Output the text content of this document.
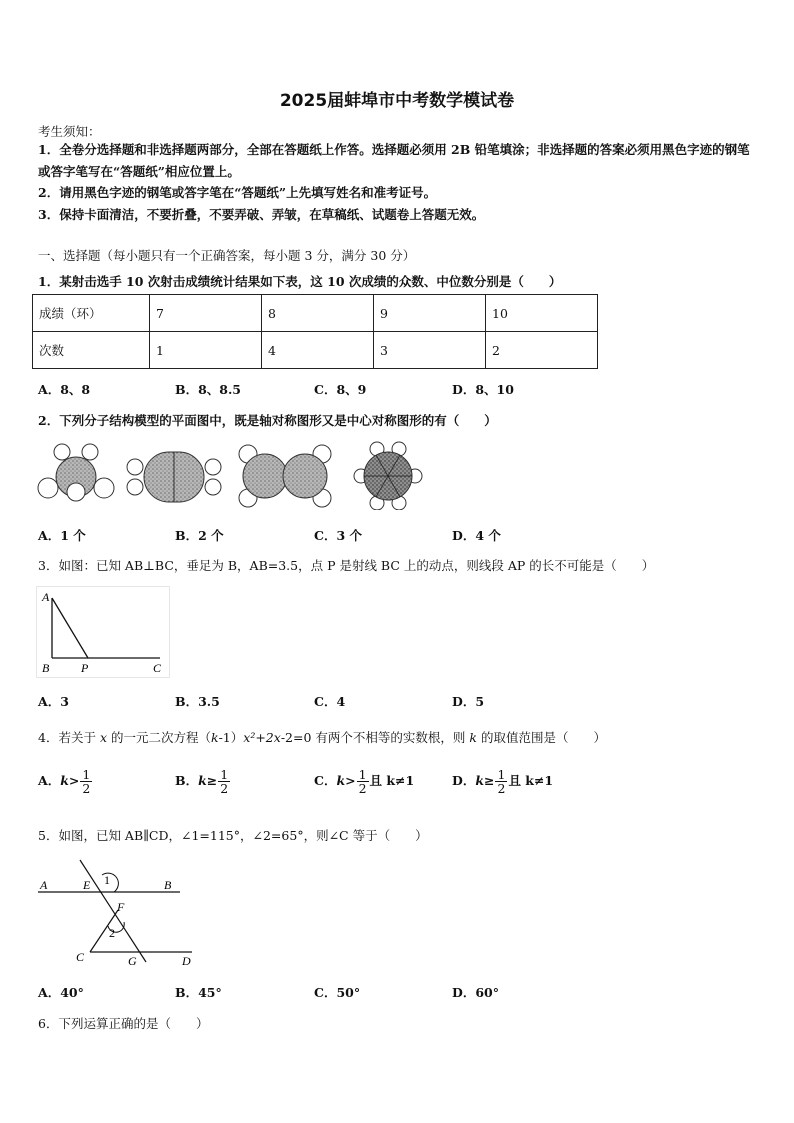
2025届蚌埠市中考数学模试卷
考生须知：
1．全卷分选择题和非选择题两部分，全部在答题纸上作答。选择题必须用 2B 铅笔填涂；非选择题的答案必须用黑色字迹的钢笔或答字笔写在“答题纸”相应位置上。
2．请用黑色字迹的钢笔或答字笔在“答题纸”上先填写姓名和准考证号。
3．保持卡面清洁，不要折叠，不要弄破、弄皱，在草稿纸、试题卷上答题无效。
一、选择题（每小题只有一个正确答案，每小题 3 分，满分 30 分）
1．某射击选手 10 次射击成绩统计结果如下表，这 10 次成绩的众数、中位数分别是（　　）
成绩（环）	7	8	9	10
次数	1	4	3	2
A．8、8	B．8、8.5	C．8、9	D．8、10
2．下列分子结构模型的平面图中，既是轴对称图形又是中心对称图形的有（　　）
A．1 个	B．2 个	C．3 个	D．4 个
3．如图：已知 AB⊥BC，垂足为 B，AB=3.5，点 P 是射线 BC 上的动点，则线段 AP 的长不可能是（　　）
A
B	P	C
A．3	B．3.5	C．4	D．5
4．若关于 x 的一元二次方程（k-1）x²+2x-2=0 有两个不相等的实数根，则 k 的取值范围是（　　）
A．$k> \frac{1}{2}$	B．$k\ge \frac{1}{2}$	C．$k> \frac{1}{2}$ 且 k≠1	D．$k\ge \frac{1}{2}$ 且 k≠1
5．如图，已知 AB∥CD，∠1=115°，∠2=65°，则∠C 等于（　　）
A	E 1	B
F
2
C	G	D
A．40°	B．45°	C．50°	D．60°
6．下列运算正确的是（　　）
